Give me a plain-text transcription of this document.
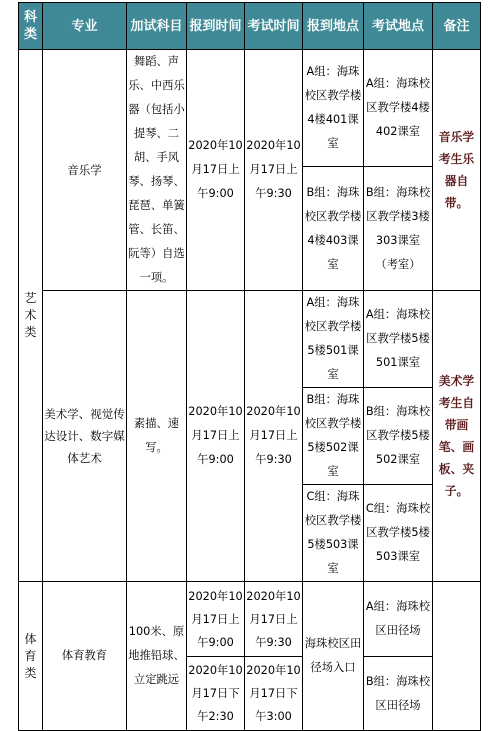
科类	专业	加试科目	报到时间	考试时间	报到地点	考试地点	备注
艺术类	音乐学	舞蹈、声乐、中西乐器（包括小提琴、二胡、手风琴、扬琴、琵琶、单簧管、长笛、阮等）自选一项。	2020年10月17日上午9:00	2020年10月17日上午9:30	A组：海珠校区教学楼4楼401课室	A组：海珠校区教学楼4楼402课室	音乐学考生乐器自带。
					B组：海珠校区教学楼4楼403课室	B组：海珠校区教学楼3楼303课室（考室）	
	美术学、视觉传达设计、数字媒体艺术	素描、速写。	2020年10月17日上午9:00	2020年10月17日上午9:30	A组：海珠校区教学楼5楼501课室	A组：海珠校区教学楼5楼501课室	美术学考生自带画笔、画板、夹子。
					B组：海珠校区教学楼5楼502课室	B组：海珠校区教学楼5楼502课室	
					C组：海珠校区教学楼5楼503课室	C组：海珠校区教学楼5楼503课室	
体育类	体育教育	100米、原地推铅球、立定跳远	2020年10月17日上午9:00	2020年10月17日上午9:30	海珠校区田径场入口	A组：海珠校区田径场	
			2020年10月17日下午2:30	2020年10月17日下午3:00		B组：海珠校区田径场	
